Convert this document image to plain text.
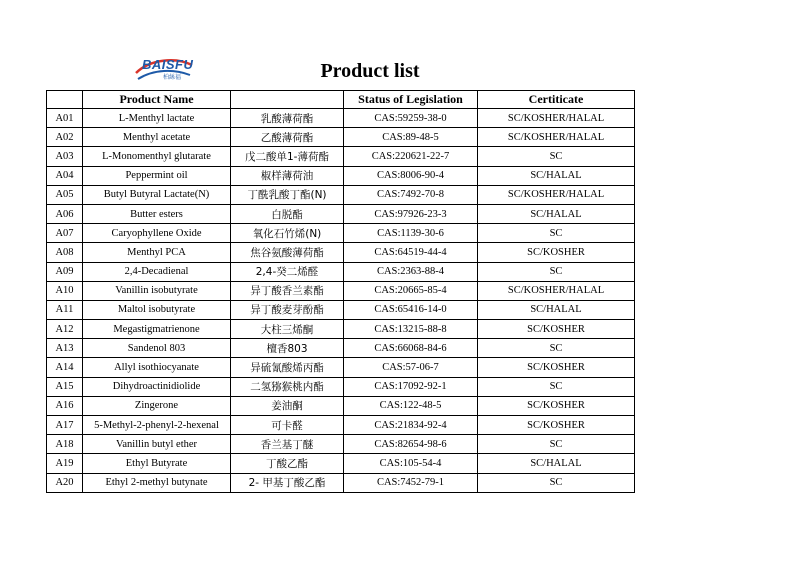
BAISFU
柏絲福	Product list
	Product Name		Status of Legislation	Certiticate
A01	L-Menthyl lactate	乳酸薄荷酯	CAS:59259-38-0	SC/KOSHER/HALAL
A02	Menthyl acetate	乙酸薄荷酯	CAS:89-48-5	SC/KOSHER/HALAL
A03	L-Monomenthyl glutarate	戊二酸单1-薄荷酯	CAS:220621-22-7	SC
A04	Peppermint oil	椒样薄荷油	CAS:8006-90-4	SC/HALAL
A05	Butyl Butyral Lactate(N)	丁酰乳酸丁酯(N)	CAS:7492-70-8	SC/KOSHER/HALAL
A06	Butter esters	白脱酯	CAS:97926-23-3	SC/HALAL
A07	Caryophyllene Oxide	氧化石竹烯(N)	CAS:1139-30-6	SC
A08	Menthyl PCA	焦谷氨酸薄荷酯	CAS:64519-44-4	SC/KOSHER
A09	2,4-Decadienal	2,4-癸二烯醛	CAS:2363-88-4	SC
A10	Vanillin isobutyrate	异丁酸香兰素酯	CAS:20665-85-4	SC/KOSHER/HALAL
A11	Maltol isobutyrate	异丁酸麦芽酚酯	CAS:65416-14-0	SC/HALAL
A12	Megastigmatrienone	大柱三烯酮	CAS:13215-88-8	SC/KOSHER
A13	Sandenol 803	檀香803	CAS:66068-84-6	SC
A14	Allyl isothiocyanate	异硫氰酸烯丙酯	CAS:57-06-7	SC/KOSHER
A15	Dihydroactinidiolide	二氢猕猴桃内酯	CAS:17092-92-1	SC
A16	Zingerone	姜油酮	CAS:122-48-5	SC/KOSHER
A17	5-Methyl-2-phenyl-2-hexenal	可卡醛	CAS:21834-92-4	SC/KOSHER
A18	Vanillin butyl ether	香兰基丁醚	CAS:82654-98-6	SC
A19	Ethyl Butyrate	丁酸乙酯	CAS:105-54-4	SC/HALAL
A20	Ethyl 2-methyl butynate	2- 甲基丁酸乙酯	CAS:7452-79-1	SC
